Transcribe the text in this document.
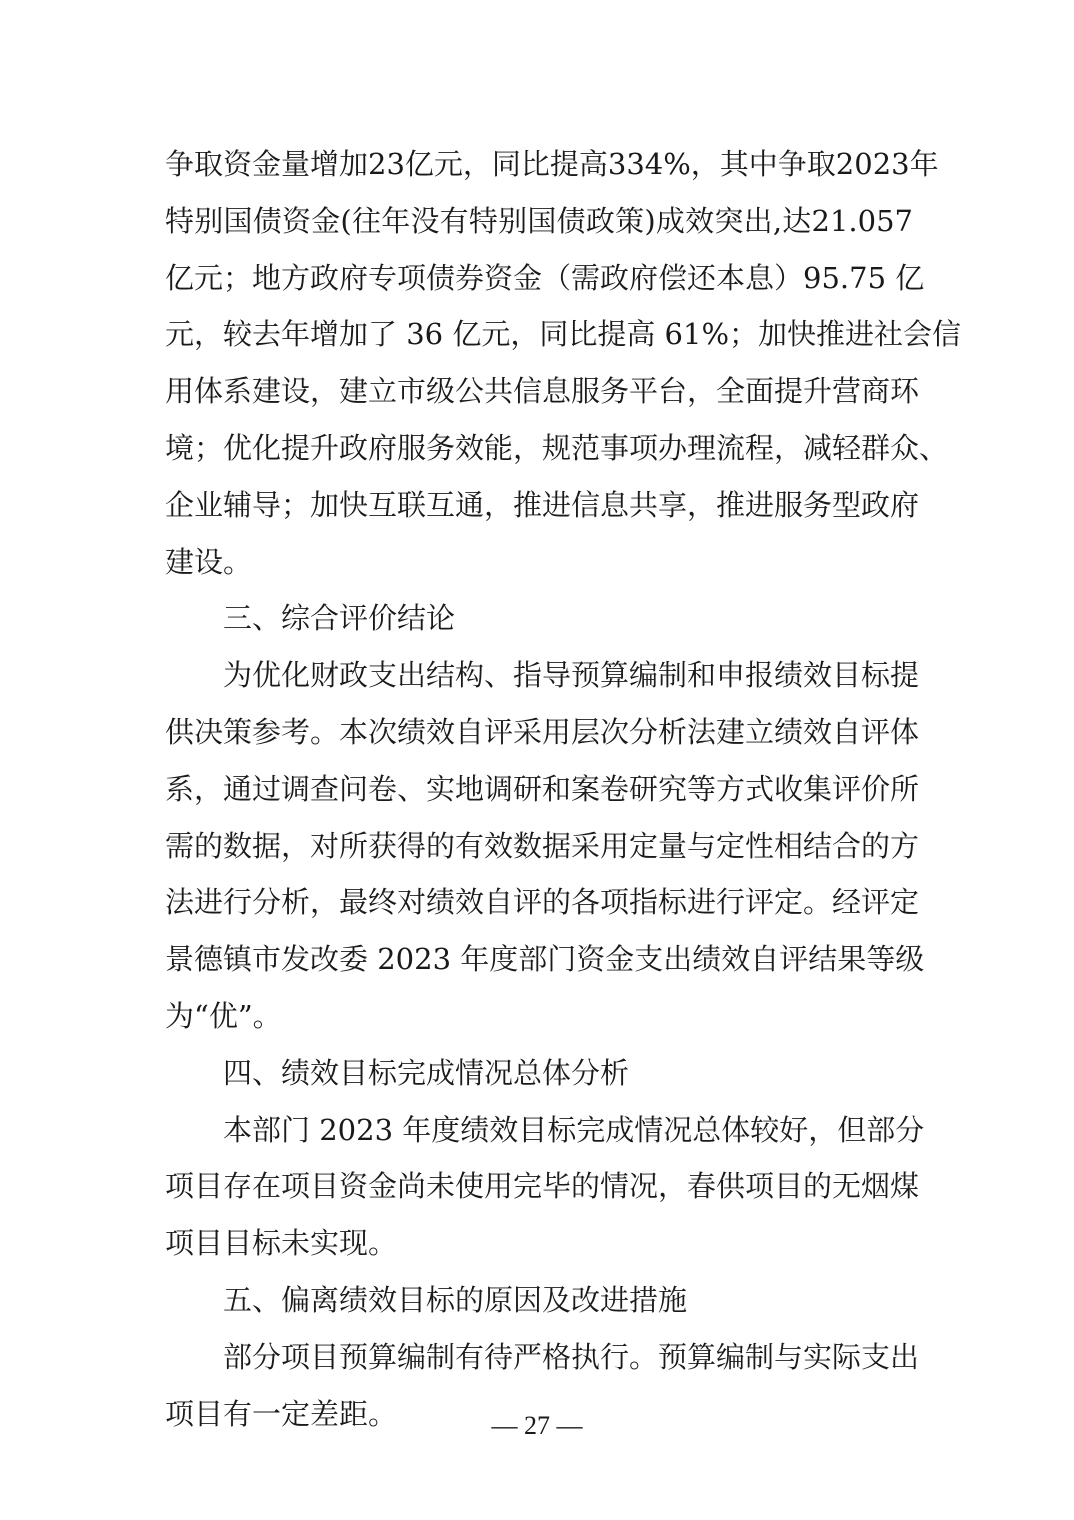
争取资金量增加23亿元，同比提高334%，其中争取2023年
特别国债资金(往年没有特别国债政策)成效突出,达21.057
亿元；地方政府专项债券资金（需政府偿还本息）95.75 亿
元，较去年增加了 36 亿元，同比提高 61%；加快推进社会信
用体系建设，建立市级公共信息服务平台，全面提升营商环
境；优化提升政府服务效能，规范事项办理流程，减轻群众、
企业辅导；加快互联互通，推进信息共享，推进服务型政府
建设。
三、综合评价结论
为优化财政支出结构、指导预算编制和申报绩效目标提
供决策参考。本次绩效自评采用层次分析法建立绩效自评体
系，通过调查问卷、实地调研和案卷研究等方式收集评价所
需的数据，对所获得的有效数据采用定量与定性相结合的方
法进行分析，最终对绩效自评的各项指标进行评定。经评定
景德镇市发改委 2023 年度部门资金支出绩效自评结果等级
为“优”。
四、绩效目标完成情况总体分析
本部门 2023 年度绩效目标完成情况总体较好，但部分
项目存在项目资金尚未使用完毕的情况，春供项目的无烟煤
项目目标未实现。
五、偏离绩效目标的原因及改进措施
部分项目预算编制有待严格执行。预算编制与实际支出
项目有一定差距。	— 27 —
